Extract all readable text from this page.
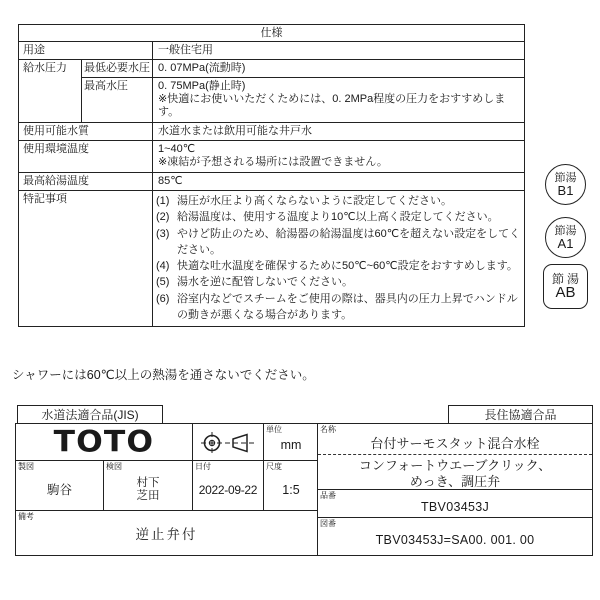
仕様
用途	一般住宅用
給水圧力	最低必要水圧 0. 07MPa(流動時)
最高水圧	0. 75MPa(静止時)
※快適にお使いいただくためには、0. 2MPa程度の圧力をおすすめします。
使用可能水質	水道水または飲用可能な井戸水
使用環境温度	1~40℃
※凍結が予想される場所には設置できません。
最高給湯温度	85℃
特記事項	(1) 湯圧が水圧より高くならないように設定してください。
(2) 給湯温度は、使用する温度より10℃以上高く設定してください。
(3) やけど防止のため、給湯器の給湯温度は60℃を超えない設定をしてください。
(4) 快適な吐水温度を確保するために50℃~60℃設定をおすすめします。
(5) 湯水を逆に配管しないでください。
(6) 浴室内などでスチームをご使用の際は、器具内の圧力上昇でハンドルの動きが悪くなる場合があります。
節湯
B1
節湯
A1
節湯
AB
シャワーには60℃以上の熱湯を通さないでください。
水道法適合品(JIS)	長住協適合品
TOTO	単位
mm
製図
駒谷
検図
村下
芝田
日付
2022-09-22
尺度
1:5
備考
逆止弁付
名称
台付サーモスタット混合水栓
コンフォートウエーブクリック、めっき、調圧弁
品番
TBV03453J
図番
TBV03453J=SA00. 001. 00
